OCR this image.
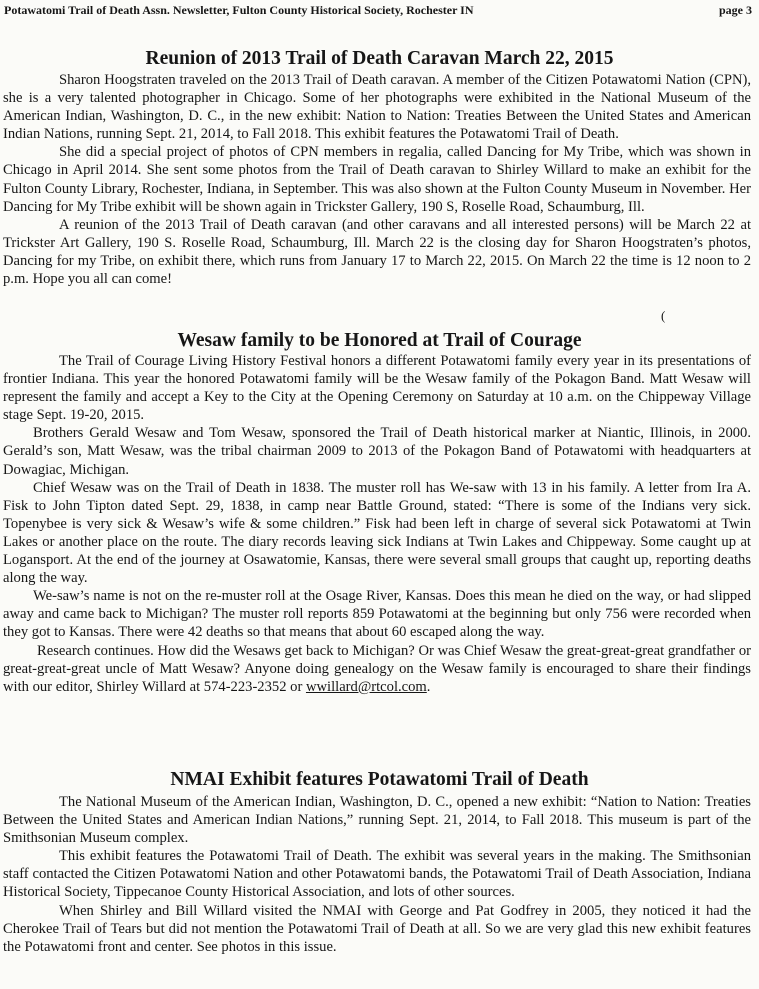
Potawatomi Trail of Death Assn. Newsletter, Fulton County Historical Society, Rochester IN	page 3
Reunion of 2013 Trail of Death Caravan March 22, 2015

Sharon Hoogstraten traveled on the 2013 Trail of Death caravan. A member of the Citizen Potawatomi Nation (CPN), she is a very talented photographer in Chicago. Some of her photographs were exhibited in the National Museum of the American Indian, Washington, D. C., in the new exhibit: Nation to Nation: Treaties Between the United States and American Indian Nations, running Sept. 21, 2014, to Fall 2018. This exhibit features the Potawatomi Trail of Death.

She did a special project of photos of CPN members in regalia, called Dancing for My Tribe, which was shown in Chicago in April 2014. She sent some photos from the Trail of Death caravan to Shirley Willard to make an exhibit for the Fulton County Library, Rochester, Indiana, in September. This was also shown at the Fulton County Museum in November. Her Dancing for My Tribe exhibit will be shown again in Trickster Gallery, 190 S, Roselle Road, Schaumburg, Ill.

A reunion of the 2013 Trail of Death caravan (and other caravans and all interested persons) will be March 22 at Trickster Art Gallery, 190 S. Roselle Road, Schaumburg, Ill. March 22 is the closing day for Sharon Hoogstraten’s photos, Dancing for my Tribe, on exhibit there, which runs from January 17 to March 22, 2015. On March 22 the time is 12 noon to 2 p.m. Hope you all can come!

(
Wesaw family to be Honored at Trail of Courage

The Trail of Courage Living History Festival honors a different Potawatomi family every year in its presentations of frontier Indiana. This year the honored Potawatomi family will be the Wesaw family of the Pokagon Band. Matt Wesaw will represent the family and accept a Key to the City at the Opening Ceremony on Saturday at 10 a.m. on the Chippeway Village stage Sept. 19-20, 2015.

Brothers Gerald Wesaw and Tom Wesaw, sponsored the Trail of Death historical marker at Niantic, Illinois, in 2000. Gerald’s son, Matt Wesaw, was the tribal chairman 2009 to 2013 of the Pokagon Band of Potawatomi with headquarters at Dowagiac, Michigan.

Chief Wesaw was on the Trail of Death in 1838. The muster roll has We-saw with 13 in his family. A letter from Ira A. Fisk to John Tipton dated Sept. 29, 1838, in camp near Battle Ground, stated: “There is some of the Indians very sick. Topenybee is very sick & Wesaw’s wife & some children.” Fisk had been left in charge of several sick Potawatomi at Twin Lakes or another place on the route. The diary records leaving sick Indians at Twin Lakes and Chippeway. Some caught up at Logansport. At the end of the journey at Osawatomie, Kansas, there were several small groups that caught up, reporting deaths along the way.

We-saw’s name is not on the re-muster roll at the Osage River, Kansas. Does this mean he died on the way, or had slipped away and came back to Michigan? The muster roll reports 859 Potawatomi at the beginning but only 756 were recorded when they got to Kansas. There were 42 deaths so that means that about 60 escaped along the way.

Research continues. How did the Wesaws get back to Michigan? Or was Chief Wesaw the great-great-great grandfather or great-great-great uncle of Matt Wesaw? Anyone doing genealogy on the Wesaw family is encouraged to share their findings with our editor, Shirley Willard at 574-223-2352 or wwillard@rtcol.com.

NMAI Exhibit features Potawatomi Trail of Death

The National Museum of the American Indian, Washington, D. C., opened a new exhibit: “Nation to Nation: Treaties Between the United States and American Indian Nations,” running Sept. 21, 2014, to Fall 2018. This museum is part of the Smithsonian Museum complex.

This exhibit features the Potawatomi Trail of Death. The exhibit was several years in the making. The Smithsonian staff contacted the Citizen Potawatomi Nation and other Potawatomi bands, the Potawatomi Trail of Death Association, Indiana Historical Society, Tippecanoe County Historical Association, and lots of other sources.

When Shirley and Bill Willard visited the NMAI with George and Pat Godfrey in 2005, they noticed it had the Cherokee Trail of Tears but did not mention the Potawatomi Trail of Death at all. So we are very glad this new exhibit features the Potawatomi front and center. See photos in this issue.
